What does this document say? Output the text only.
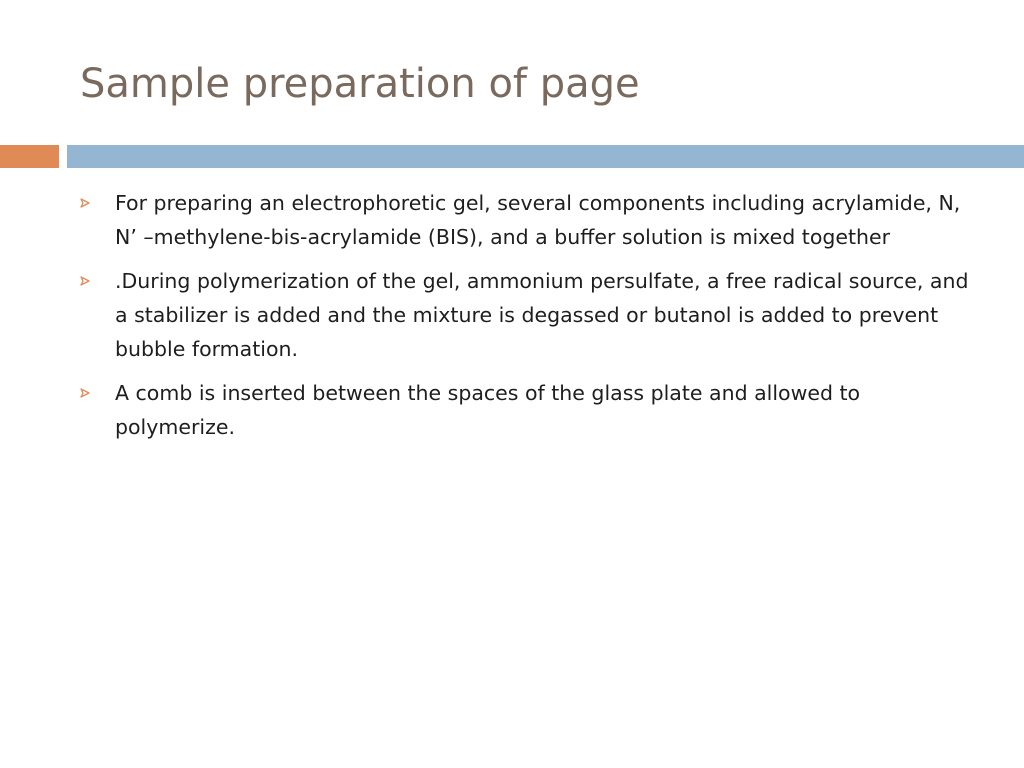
Sample preparation of page
For preparing an electrophoretic gel, several components including acrylamide, N, N’ –methylene-bis-acrylamide (BIS), and a buffer solution is mixed together
.During polymerization of the gel, ammonium persulfate, a free radical source, and a stabilizer is added and the mixture is degassed or butanol is added to prevent bubble formation.
A comb is inserted between the spaces of the glass plate and allowed to polymerize.
